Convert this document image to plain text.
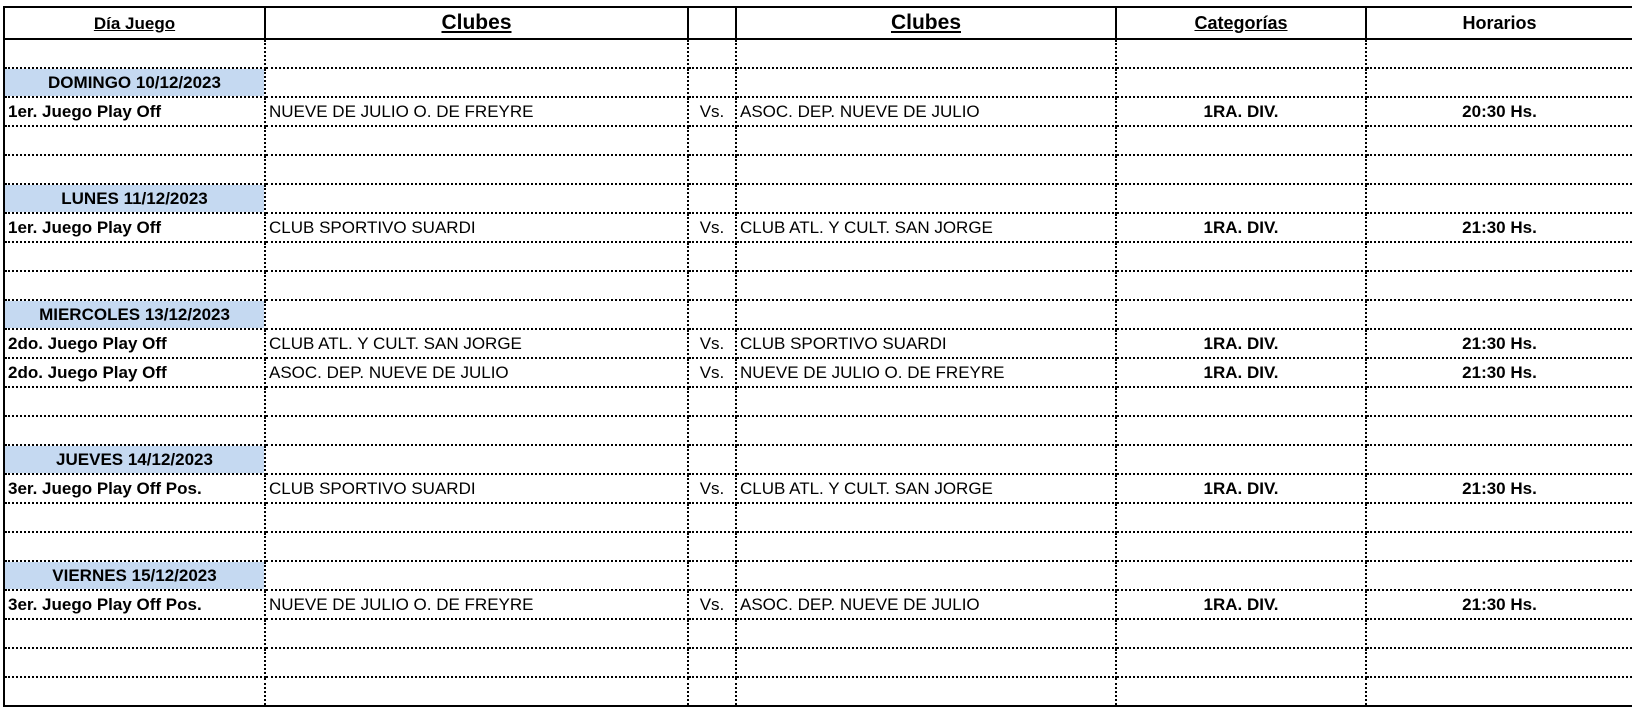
Día Juego	Clubes		Clubes	Categorías	Horarios

DOMINGO 10/12/2023					
1er. Juego Play Off	NUEVE DE JULIO O. DE FREYRE	Vs.	ASOC. DEP. NUEVE DE JULIO	1RA. DIV.	20:30 Hs.

LUNES 11/12/2023					
1er. Juego Play Off	CLUB SPORTIVO SUARDI	Vs.	CLUB ATL. Y CULT. SAN JORGE	1RA. DIV.	21:30 Hs.

MIERCOLES 13/12/2023					
2do. Juego Play Off	CLUB ATL. Y CULT. SAN JORGE	Vs.	CLUB SPORTIVO SUARDI	1RA. DIV.	21:30 Hs.
2do. Juego Play Off	ASOC. DEP. NUEVE DE JULIO	Vs.	NUEVE DE JULIO O. DE FREYRE	1RA. DIV.	21:30 Hs.

JUEVES 14/12/2023					
3er. Juego Play Off Pos.	CLUB SPORTIVO SUARDI	Vs.	CLUB ATL. Y CULT. SAN JORGE	1RA. DIV.	21:30 Hs.

VIERNES 15/12/2023					
3er. Juego Play Off Pos.	NUEVE DE JULIO O. DE FREYRE	Vs.	ASOC. DEP. NUEVE DE JULIO	1RA. DIV.	21:30 Hs.
